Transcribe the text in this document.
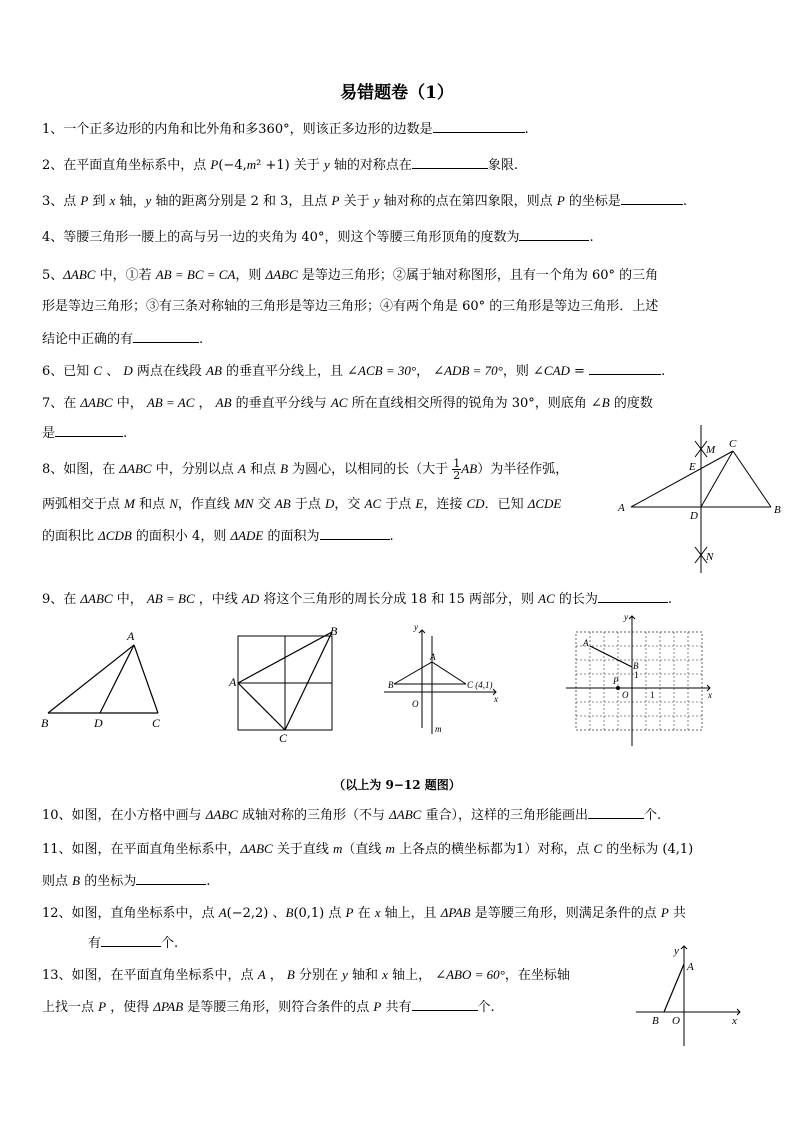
易错题卷（1）
1、一个正多边形的内角和比外角和多360°，则该正多边形的边数是	.
2、在平面直角坐标系中，点 P(−4,m² +1) 关于 y 轴的对称点在	象限.
3、点 P 到 x 轴，y 轴的距离分别是 2 和 3，且点 P 关于 y 轴对称的点在第四象限，则点 P 的坐标是	.
4、等腰三角形一腰上的高与另一边的夹角为 40°，则这个等腰三角形顶角的度数为	.
5、ΔABC 中，①若 AB = BC = CA，则 ΔABC 是等边三角形；②属于轴对称图形，且有一个角为 60° 的三角
形是等边三角形；③有三条对称轴的三角形是等边三角形；④有两个角是 60° 的三角形是等边三角形．上述
结论中正确的有	.
6、已知 C 、 D 两点在线段 AB 的垂直平分线上，且 ∠ACB = 30°， ∠ADB = 70°，则 ∠CAD =	.
7、在 ΔABC 中， AB = AC ， AB 的垂直平分线与 AC 所在直线相交所得的锐角为 30°，则底角 ∠B 的度数
是	.
8、如图，在 ΔABC 中，分别以点 A 和点 B 为圆心，以相同的长（大于 $\frac{1}{2} AB$）为半径作弧，
两弧相交于点 M 和点 N，作直线 MN 交 AB 于点 D，交 AC 于点 E，连接 CD．已知 ΔCDE
的面积比 ΔCDB 的面积小 4，则 ΔADE 的面积为	.
A	B
C
D
E
M
N
9、在 ΔABC 中， AB = BC ，中线 AD 将这个三角形的周长分成 18 和 15 两部分，则 AC 的长为	.
A
B	D	C
A
B
C
y
x
A
B	C (4,1)
O
m
y
x
A
B
1
P
O 1
（以上为 9−12 题图）
10、如图，在小方格中画与 ΔABC 成轴对称的三角形（不与 ΔABC 重合），这样的三角形能画出	个.
11、如图，在平面直角坐标系中，ΔABC 关于直线 m（直线 m 上各点的横坐标都为1）对称，点 C 的坐标为 (4,1)
则点 B 的坐标为	.
12、如图，直角坐标系中，点 A(−2,2) 、B(0,1) 点 P 在 x 轴上，且 ΔPAB 是等腰三角形，则满足条件的点 P 共
有	个.
13、如图，在平面直角坐标系中，点 A ， B 分别在 y 轴和 x 轴上， ∠ABO = 60°，在坐标轴
上找一点 P ，使得 ΔPAB 是等腰三角形，则符合条件的点 P 共有	个.
y
x
A
B O
